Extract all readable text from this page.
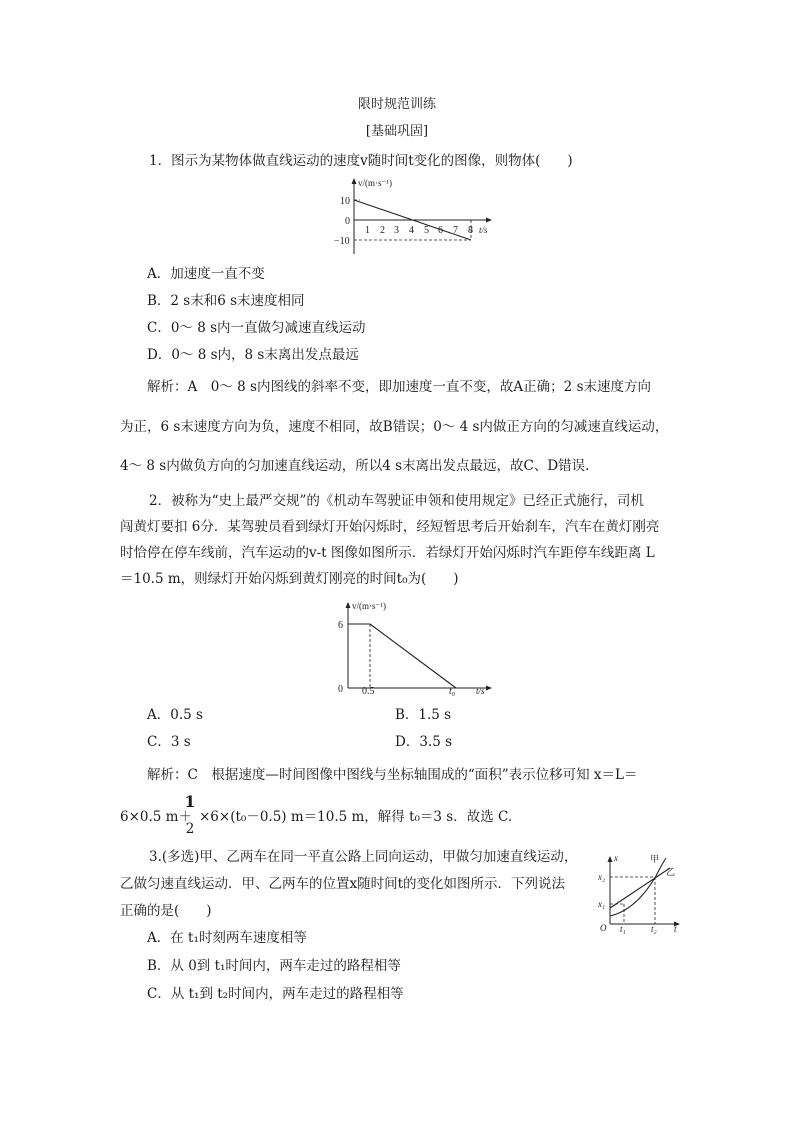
限时规范训练
[基础巩固]
1．图示为某物体做直线运动的速度v随时间t变化的图像，则物体(　　)
v/(m·s⁻¹)
10
0
−10
1 2 3 4 5 6 7 8 t/s
A．加速度一直不变
B．2 s末和6 s末速度相同
C．0～ 8 s内一直做匀减速直线运动
D．0～ 8 s内，8 s末离出发点最远
解析：A　0～ 8 s内图线的斜率不变，即加速度一直不变，故A正确；2 s末速度方向
为正，6 s末速度方向为负，速度不相同，故B错误；0～ 4 s内做正方向的匀减速直线运动，
4～ 8 s内做负方向的匀加速直线运动，所以4 s末离出发点最远，故C、D错误.
2．被称为“史上最严交规”的《机动车驾驶证申领和使用规定》已经正式施行，司机
闯黄灯要扣 6分．某驾驶员看到绿灯开始闪烁时，经短暂思考后开始刹车，汽车在黄灯刚亮
时恰停在停车线前，汽车运动的v-t 图像如图所示．若绿灯开始闪烁时汽车距停车线距离 L
＝10.5 m，则绿灯开始闪烁到黄灯刚亮的时间t₀为(　　)
v/(m·s⁻¹)
6
0 0.5	t₀ t/s
A．0.5 s	B．1.5 s
C．3 s	D．3.5 s
解析：C　根据速度—时间图像中图线与坐标轴围成的“面积”表示位移可知 x＝L＝
6×0.5 m＋
1
2
×6×(t₀－0.5) m＝10.5 m，解得 t₀＝3 s．故选 C.
3.(多选)甲、乙两车在同一平直公路上同向运动，甲做匀加速直线运动，
乙做匀速直线运动．甲、乙两车的位置x随时间t的变化如图所示．下列说法
正确的是(　　)
x	甲
乙
x₁
x₂
O t₁	t₂ t
A．在 t₁时刻两车速度相等
B．从 0到 t₁时间内，两车走过的路程相等
C．从 t₁到 t₂时间内，两车走过的路程相等
